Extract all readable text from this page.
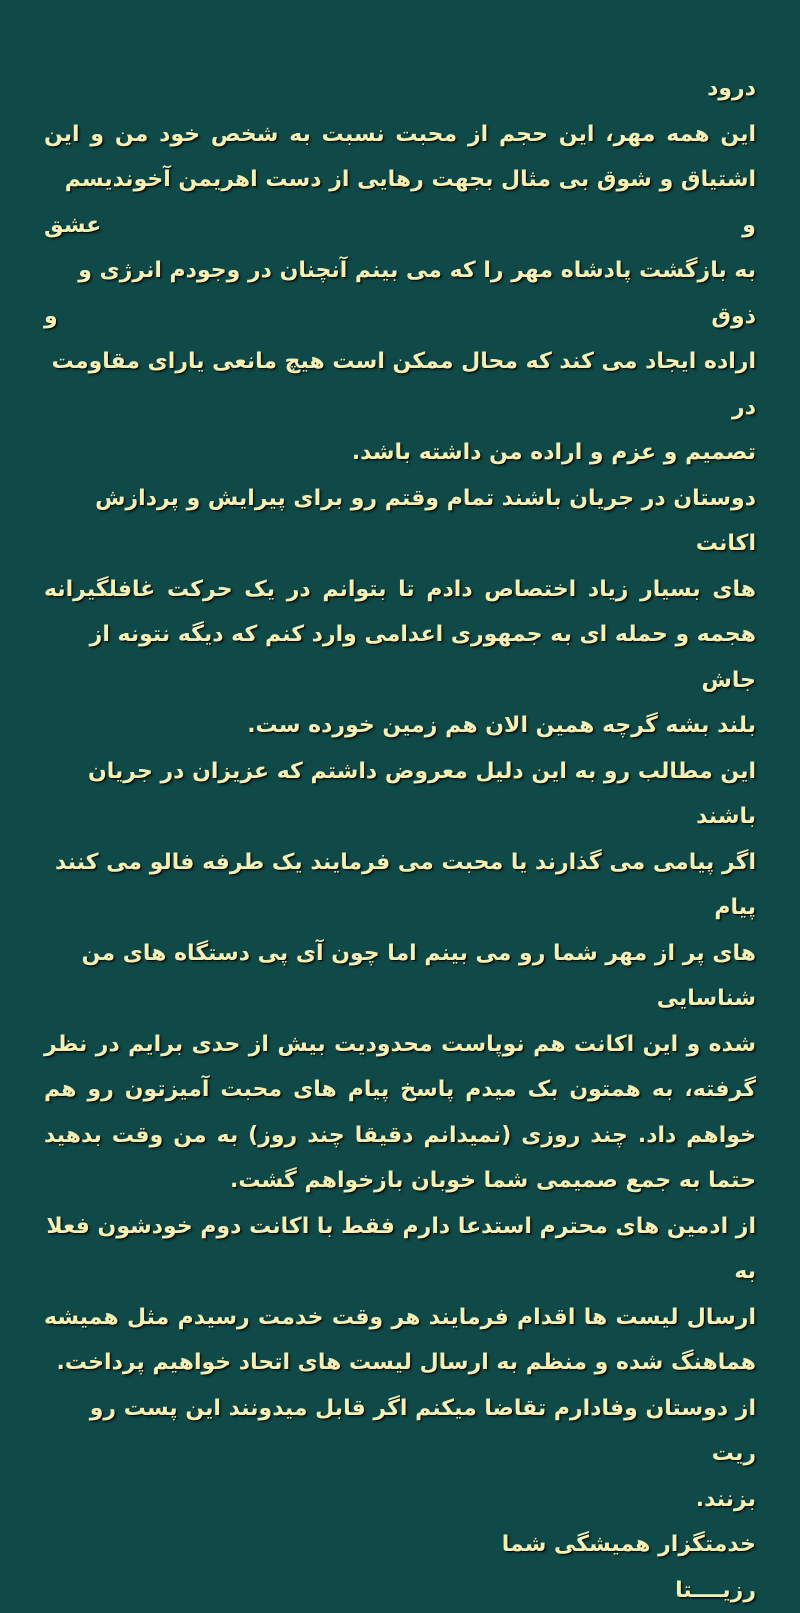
درود
این همه مهر، این حجم از محبت نسبت به شخص خود من و این
اشتیاق و شوق بی مثال بجهت رهایی از دست اهریمن آخوندیسم و عشق
به بازگشت پادشاه مهر را که می بینم آنچنان در وجودم انرژی و ذوق و
اراده ایجاد می کند که محال ممکن است هیچ مانعی یارای مقاومت در
تصمیم و عزم و اراده من داشته باشد.
دوستان در جریان باشند تمام وقتم رو برای پیرایش و پردازش اکانت
های بسیار زیاد اختصاص دادم تا بتوانم در یک حرکت غافلگیرانه
هجمه و حمله ای به جمهوری اعدامی وارد کنم که دیگه نتونه از جاش
بلند بشه گرچه همین الان هم زمین خورده ست.
این مطالب رو به این دلیل معروض داشتم که عزیزان در جریان باشند
اگر پیامی می گذارند یا محبت می فرمایند یک طرفه فالو می کنند پیام
های پر از مهر شما رو می بینم اما چون آی پی دستگاه های من شناسایی
شده و این اکانت هم نوپاست محدودیت بیش از حدی برایم در نظر
گرفته، به همتون بک میدم پاسخ پیام های محبت آمیزتون رو هم
خواهم داد. چند روزی (نمیدانم دقیقا چند روز) به من وقت بدهید
حتما به جمع صمیمی شما خوبان بازخواهم گشت.
از ادمین های محترم استدعا دارم فقط با اکانت دوم خودشون فعلا به
ارسال لیست ها اقدام فرمایند هر وقت خدمت رسیدم مثل همیشه
هماهنگ شده و منظم به ارسال لیست های اتحاد خواهیم پرداخت.
از دوستان وفادارم تقاضا میکنم اگر قابل میدونند این پست رو ریت
بزنند.
خدمتگزار همیشگی شما
رزیــــتا
